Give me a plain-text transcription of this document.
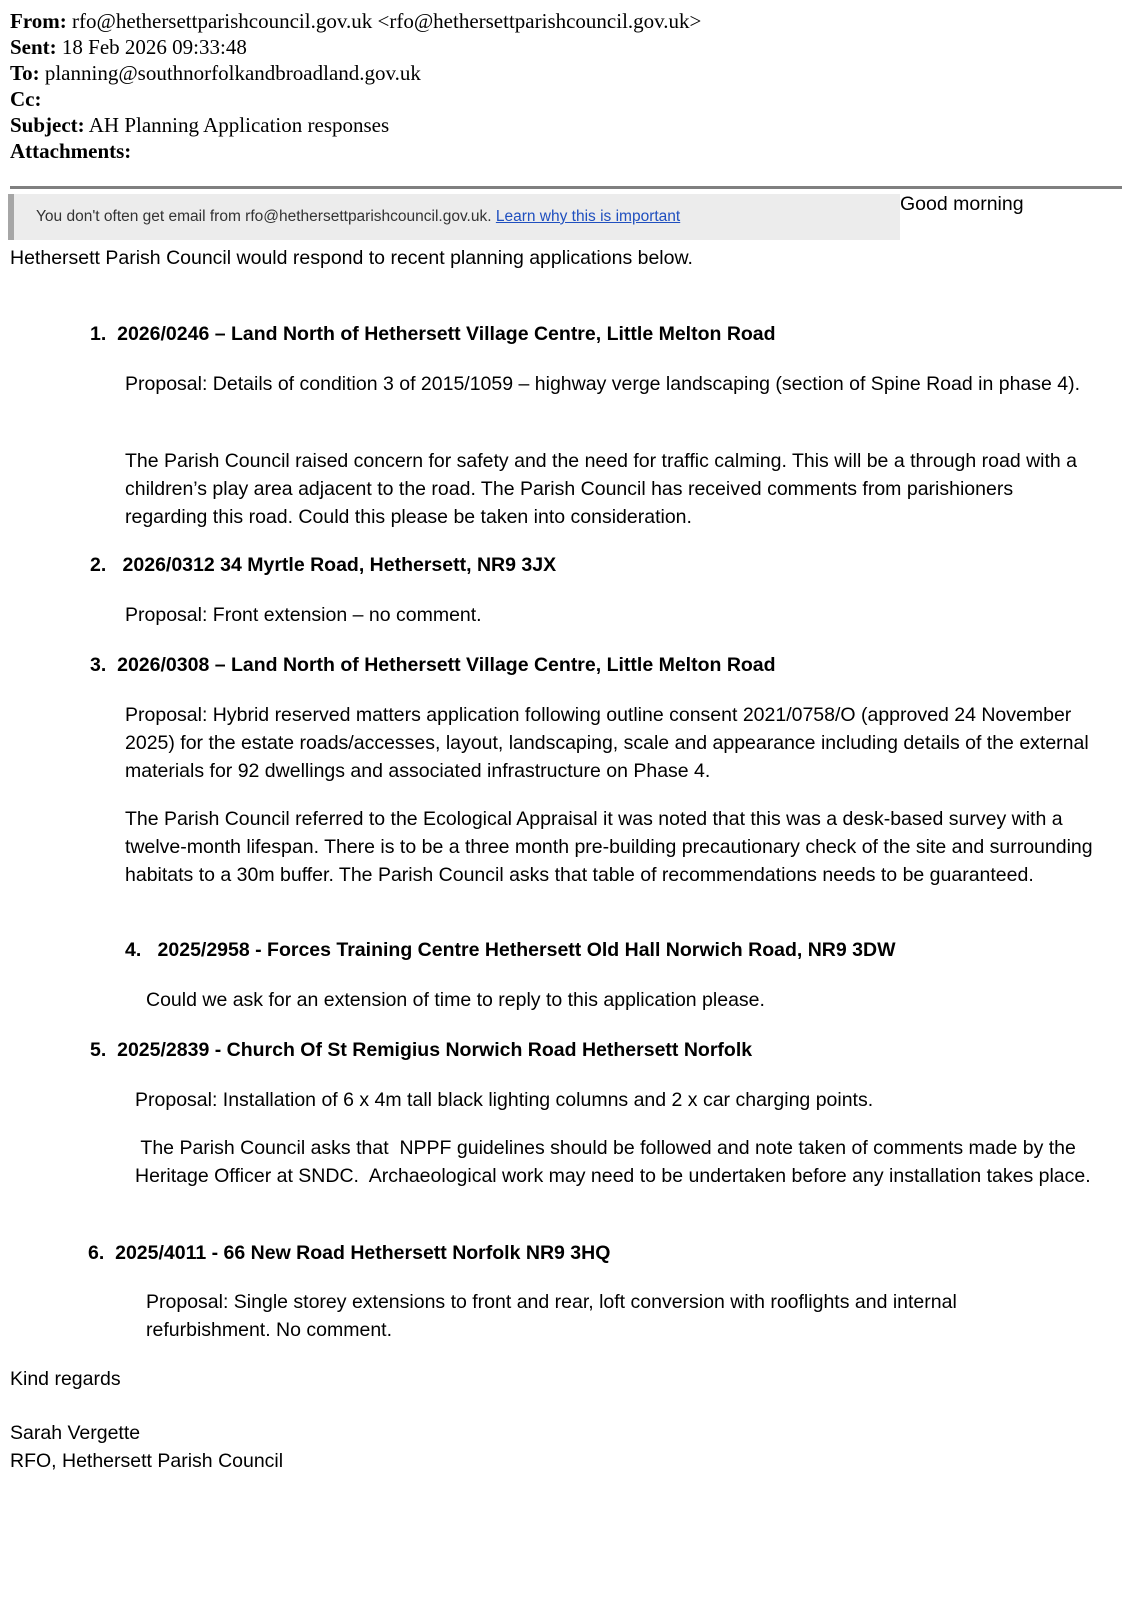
From: rfo@hethersettparishcouncil.gov.uk <rfo@hethersettparishcouncil.gov.uk>
Sent: 18 Feb 2026 09:33:48
To: planning@southnorfolkandbroadland.gov.uk
Cc:
Subject: AH Planning Application responses
Attachments:
You don't often get email from rfo@hethersettparishcouncil.gov.uk. Learn why this is important
Good morning
Hethersett Parish Council would respond to recent planning applications below.
1. 2026/0246 – Land North of Hethersett Village Centre, Little Melton Road
Proposal: Details of condition 3 of 2015/1059 – highway verge landscaping (section of Spine Road in phase 4).
The Parish Council raised concern for safety and the need for traffic calming. This will be a through road with a children’s play area adjacent to the road. The Parish Council has received comments from parishioners regarding this road. Could this please be taken into consideration.
2. 2026/0312 34 Myrtle Road, Hethersett, NR9 3JX
Proposal: Front extension – no comment.
3. 2026/0308 – Land North of Hethersett Village Centre, Little Melton Road
Proposal: Hybrid reserved matters application following outline consent 2021/0758/O (approved 24 November 2025) for the estate roads/accesses, layout, landscaping, scale and appearance including details of the external materials for 92 dwellings and associated infrastructure on Phase 4.
The Parish Council referred to the Ecological Appraisal it was noted that this was a desk-based survey with a twelve-month lifespan. There is to be a three month pre-building precautionary check of the site and surrounding habitats to a 30m buffer. The Parish Council asks that table of recommendations needs to be guaranteed.
4. 2025/2958 - Forces Training Centre Hethersett Old Hall Norwich Road, NR9 3DW
Could we ask for an extension of time to reply to this application please.
5. 2025/2839 - Church Of St Remigius Norwich Road Hethersett Norfolk
Proposal: Installation of 6 x 4m tall black lighting columns and 2 x car charging points.
The Parish Council asks that  NPPF guidelines should be followed and note taken of comments made by the Heritage Officer at SNDC.  Archaeological work may need to be undertaken before any installation takes place.
6. 2025/4011 - 66 New Road Hethersett Norfolk NR9 3HQ
Proposal: Single storey extensions to front and rear, loft conversion with rooflights and internal refurbishment. No comment.
Kind regards
Sarah Vergette
RFO, Hethersett Parish Council
